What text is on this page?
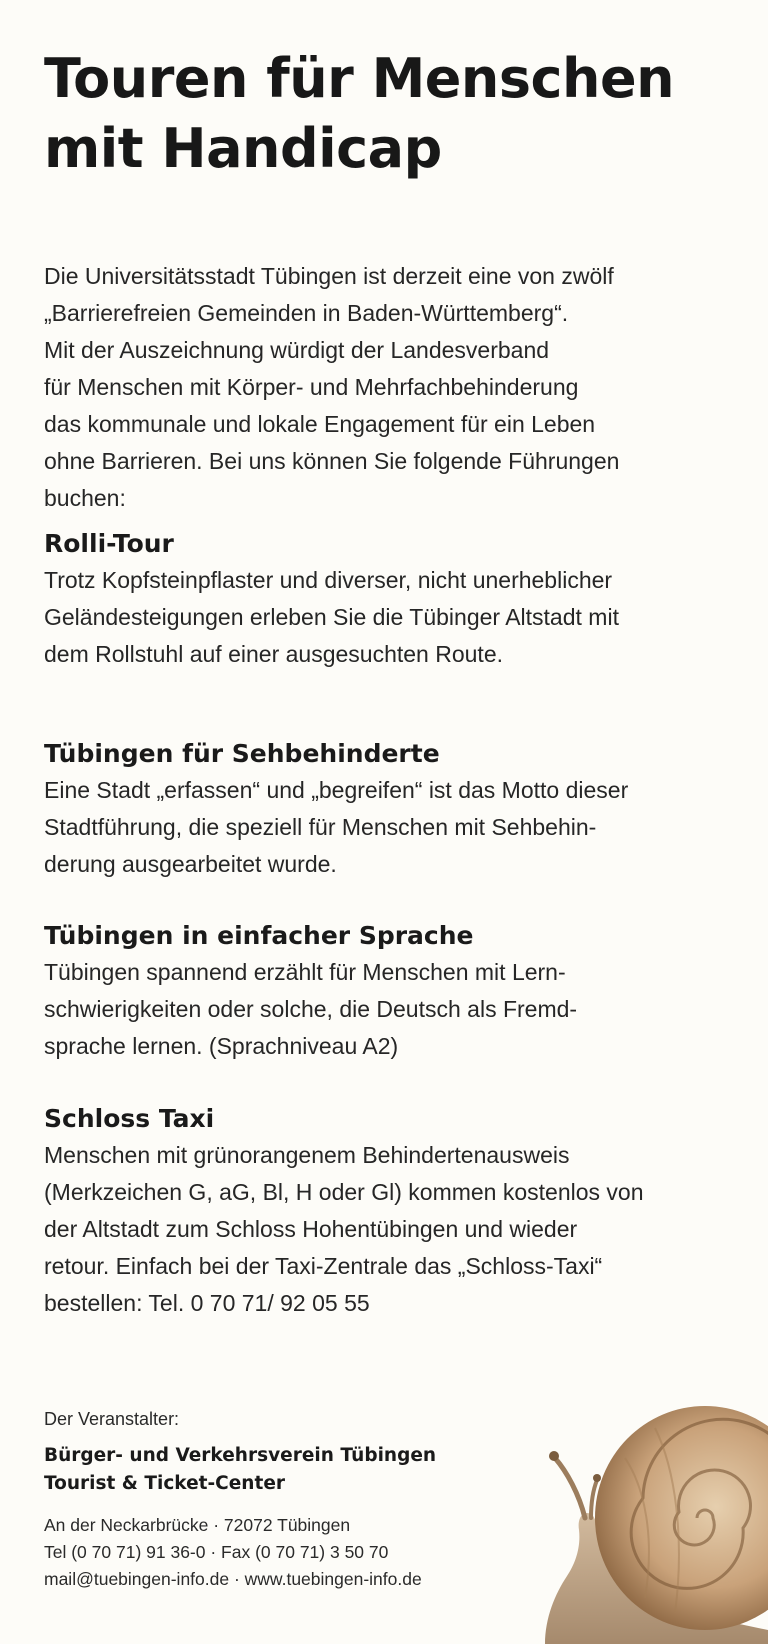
Touren für Menschen
mit Handicap

Die Universitätsstadt Tübingen ist derzeit eine von zwölf
„Barrierefreien Gemeinden in Baden-Württemberg“.
Mit der Auszeichnung würdigt der Landesverband
für Menschen mit Körper- und Mehrfachbehinderung
das kommunale und lokale Engagement für ein Leben
ohne Barrieren. Bei uns können Sie folgende Führungen
buchen:

Rolli-Tour

Trotz Kopfsteinpflaster und diverser, nicht unerheblicher
Geländesteigungen erleben Sie die Tübinger Altstadt mit
dem Rollstuhl auf einer ausgesuchten Route.

Tübingen für Sehbehinderte

Eine Stadt „erfassen“ und „begreifen“ ist das Motto dieser
Stadtführung, die speziell für Menschen mit Sehbehin-
derung ausgearbeitet wurde.

Tübingen in einfacher Sprache

Tübingen spannend erzählt für Menschen mit Lern-
schwierigkeiten oder solche, die Deutsch als Fremd-
sprache lernen. (Sprachniveau A2)

Schloss Taxi

Menschen mit grünorangenem Behindertenausweis
(Merkzeichen G, aG, Bl, H oder Gl) kommen kostenlos von
der Altstadt zum Schloss Hohentübingen und wieder
retour. Einfach bei der Taxi-Zentrale das „Schloss-Taxi“
bestellen: Tel. 0 70 71/ 92 05 55

Der Veranstalter:
Bürger- und Verkehrsverein Tübingen
Tourist & Ticket-Center
An der Neckarbrücke · 72072 Tübingen
Tel (0 70 71) 91 36-0 · Fax (0 70 71) 3 50 70
mail@tuebingen-info.de · www.tuebingen-info.de
